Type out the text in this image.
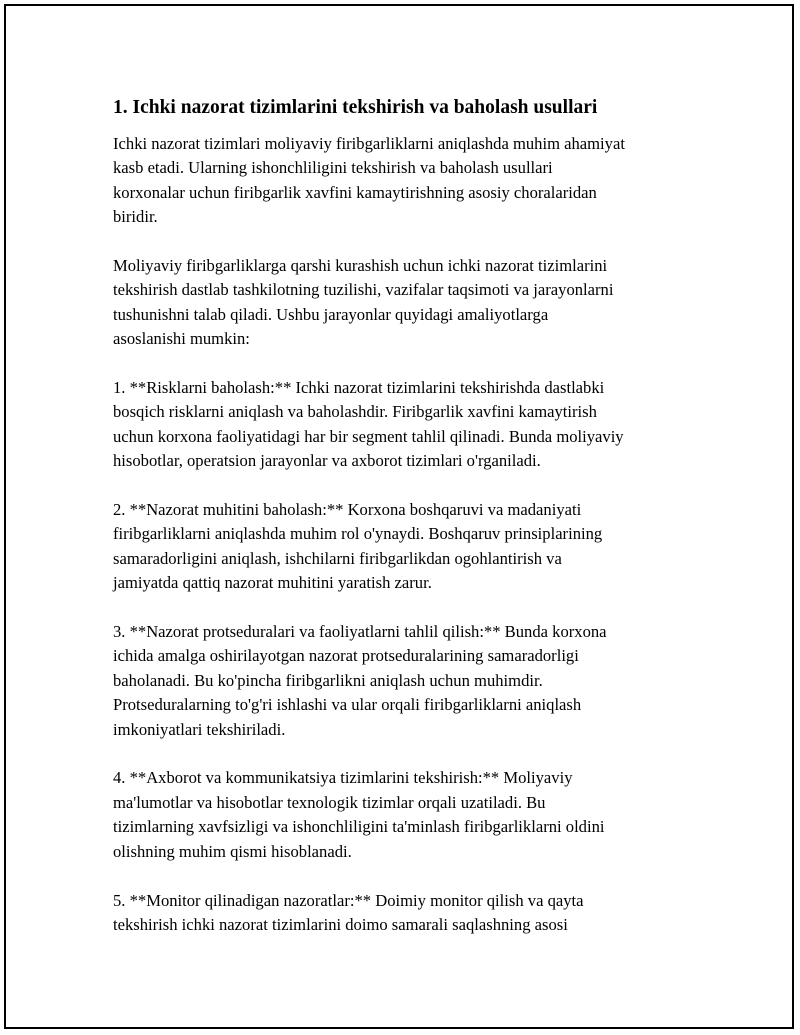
1. Ichki nazorat tizimlarini tekshirish va baholash usullari
Ichki nazorat tizimlari moliyaviy firibgarliklarni aniqlashda muhim ahamiyat
kasb etadi. Ularning ishonchliligini tekshirish va baholash usullari
korxonalar uchun firibgarlik xavfini kamaytirishning asosiy choralaridan
biridir.
Moliyaviy firibgarliklarga qarshi kurashish uchun ichki nazorat tizimlarini
tekshirish dastlab tashkilotning tuzilishi, vazifalar taqsimoti va jarayonlarni
tushunishni talab qiladi. Ushbu jarayonlar quyidagi amaliyotlarga
asoslanishi mumkin:
1. **Risklarni baholash:** Ichki nazorat tizimlarini tekshirishda dastlabki
bosqich risklarni aniqlash va baholashdir. Firibgarlik xavfini kamaytirish
uchun korxona faoliyatidagi har bir segment tahlil qilinadi. Bunda moliyaviy
hisobotlar, operatsion jarayonlar va axborot tizimlari o'rganiladi.
2. **Nazorat muhitini baholash:** Korxona boshqaruvi va madaniyati
firibgarliklarni aniqlashda muhim rol o'ynaydi. Boshqaruv prinsiplarining
samaradorligini aniqlash, ishchilarni firibgarlikdan ogohlantirish va
jamiyatda qattiq nazorat muhitini yaratish zarur.
3. **Nazorat protseduralari va faoliyatlarni tahlil qilish:** Bunda korxona
ichida amalga oshirilayotgan nazorat protseduralarining samaradorligi
baholanadi. Bu ko'pincha firibgarlikni aniqlash uchun muhimdir.
Protseduralarning to'g'ri ishlashi va ular orqali firibgarliklarni aniqlash
imkoniyatlari tekshiriladi.
4. **Axborot va kommunikatsiya tizimlarini tekshirish:** Moliyaviy
ma'lumotlar va hisobotlar texnologik tizimlar orqali uzatiladi. Bu
tizimlarning xavfsizligi va ishonchliligini ta'minlash firibgarliklarni oldini
olishning muhim qismi hisoblanadi.
5. **Monitor qilinadigan nazoratlar:** Doimiy monitor qilish va qayta
tekshirish ichki nazorat tizimlarini doimo samarali saqlashning asosi
